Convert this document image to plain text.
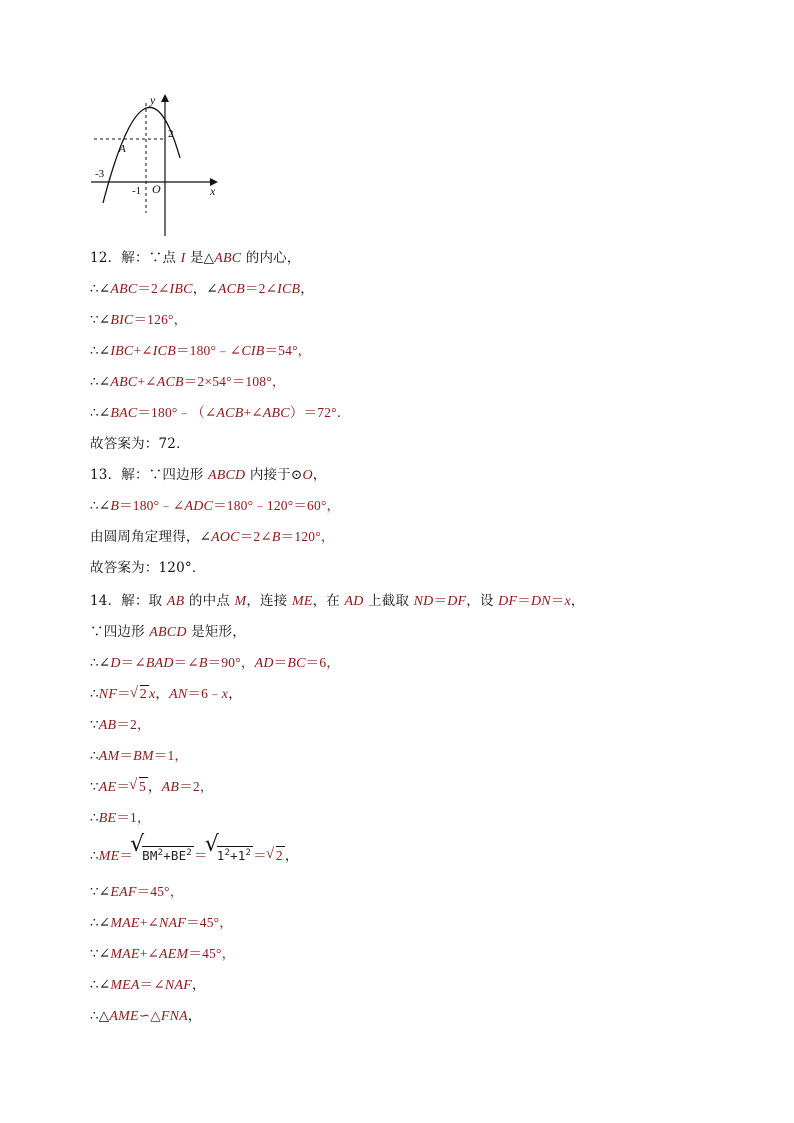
y
x
O
2
-3
-1
A
12．解：∵点 I 是△ABC 的内心，
∴∠ABC＝2∠IBC，∠ACB＝2∠ICB，
∵∠BIC＝126°，
∴∠IBC+∠ICB＝180°﹣∠CIB＝54°，
∴∠ABC+∠ACB＝2×54°＝108°，
∴∠BAC＝180°﹣（∠ACB+∠ABC）＝72°．
故答案为：72．
13．解：∵四边形 ABCD 内接于⊙O，
∴∠B＝180°﹣∠ADC＝180°﹣120°＝60°，
由圆周角定理得，∠AOC＝2∠B＝120°，
故答案为：120°．
14．解：取 AB 的中点 M，连接 ME，在 AD 上截取 ND＝DF，设 DF＝DN＝x，
∵四边形 ABCD 是矩形，
∴∠D＝∠BAD＝∠B＝90°，AD＝BC＝6，
∴NF＝ √ 2 x，AN＝6﹣x，
∵AB＝2，
∴AM＝BM＝1，
∵AE＝ √ 5 ，AB＝2，
∴BE＝1，
∴ME＝
√
$BM^2+BE^2$ ＝
√
$1^2+1^2$ ＝ √ 2 ，
∵∠EAF＝45°，
∴∠MAE+∠NAF＝45°，
∵∠MAE+∠AEM＝45°，
∴∠MEA＝∠NAF，
∴△AME∽△FNA，
